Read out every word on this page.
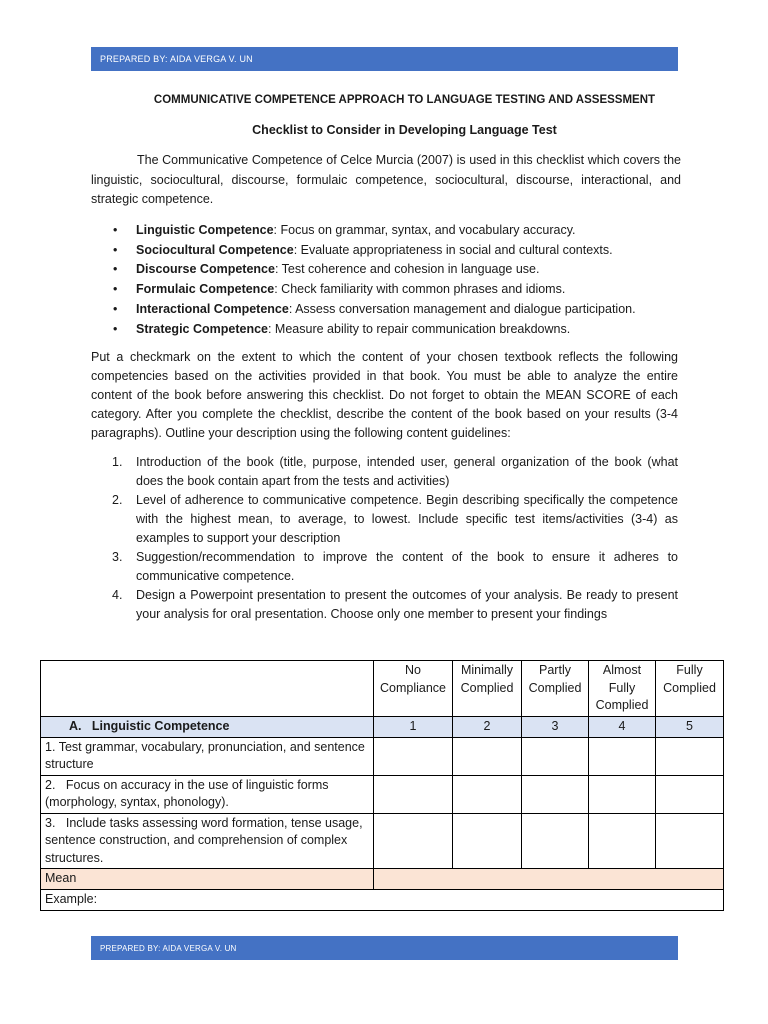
PREPARED BY: AIDA VERGA V. UN
COMMUNICATIVE COMPETENCE APPROACH TO LANGUAGE TESTING AND ASSESSMENT
Checklist to Consider in Developing Language Test

The Communicative Competence of Celce Murcia (2007) is used in this checklist which covers the linguistic, sociocultural, discourse, formulaic competence, sociocultural, discourse, interactional, and strategic competence.

• Linguistic Competence: Focus on grammar, syntax, and vocabulary accuracy.
• Sociocultural Competence: Evaluate appropriateness in social and cultural contexts.
• Discourse Competence: Test coherence and cohesion in language use.
• Formulaic Competence: Check familiarity with common phrases and idioms.
• Interactional Competence: Assess conversation management and dialogue participation.
• Strategic Competence: Measure ability to repair communication breakdowns.

Put a checkmark on the extent to which the content of your chosen textbook reflects the following competencies based on the activities provided in that book. You must be able to analyze the entire content of the book before answering this checklist. Do not forget to obtain the MEAN SCORE of each category. After you complete the checklist, describe the content of the book based on your results (3-4 paragraphs). Outline your description using the following content guidelines:

1. Introduction of the book (title, purpose, intended user, general organization of the book (what does the book contain apart from the tests and activities)
2. Level of adherence to communicative competence. Begin describing specifically the competence with the highest mean, to average, to lowest. Include specific test items/activities (3-4) as examples to support your description
3. Suggestion/recommendation to improve the content of the book to ensure it adheres to communicative competence.
4. Design a Powerpoint presentation to present the outcomes of your analysis. Be ready to present your analysis for oral presentation. Choose only one member to present your findings
	No Compliance	Minimally Complied	Partly Complied	Almost Fully Complied	Fully Complied
A. Linguistic Competence	1	2	3	4	5
1. Test grammar, vocabulary, pronunciation, and sentence structure					
2. Focus on accuracy in the use of linguistic forms (morphology, syntax, phonology).					
3. Include tasks assessing word formation, tense usage, sentence construction, and comprehension of complex structures.					
Mean					
Example:					
PREPARED BY: AIDA VERGA V. UN
